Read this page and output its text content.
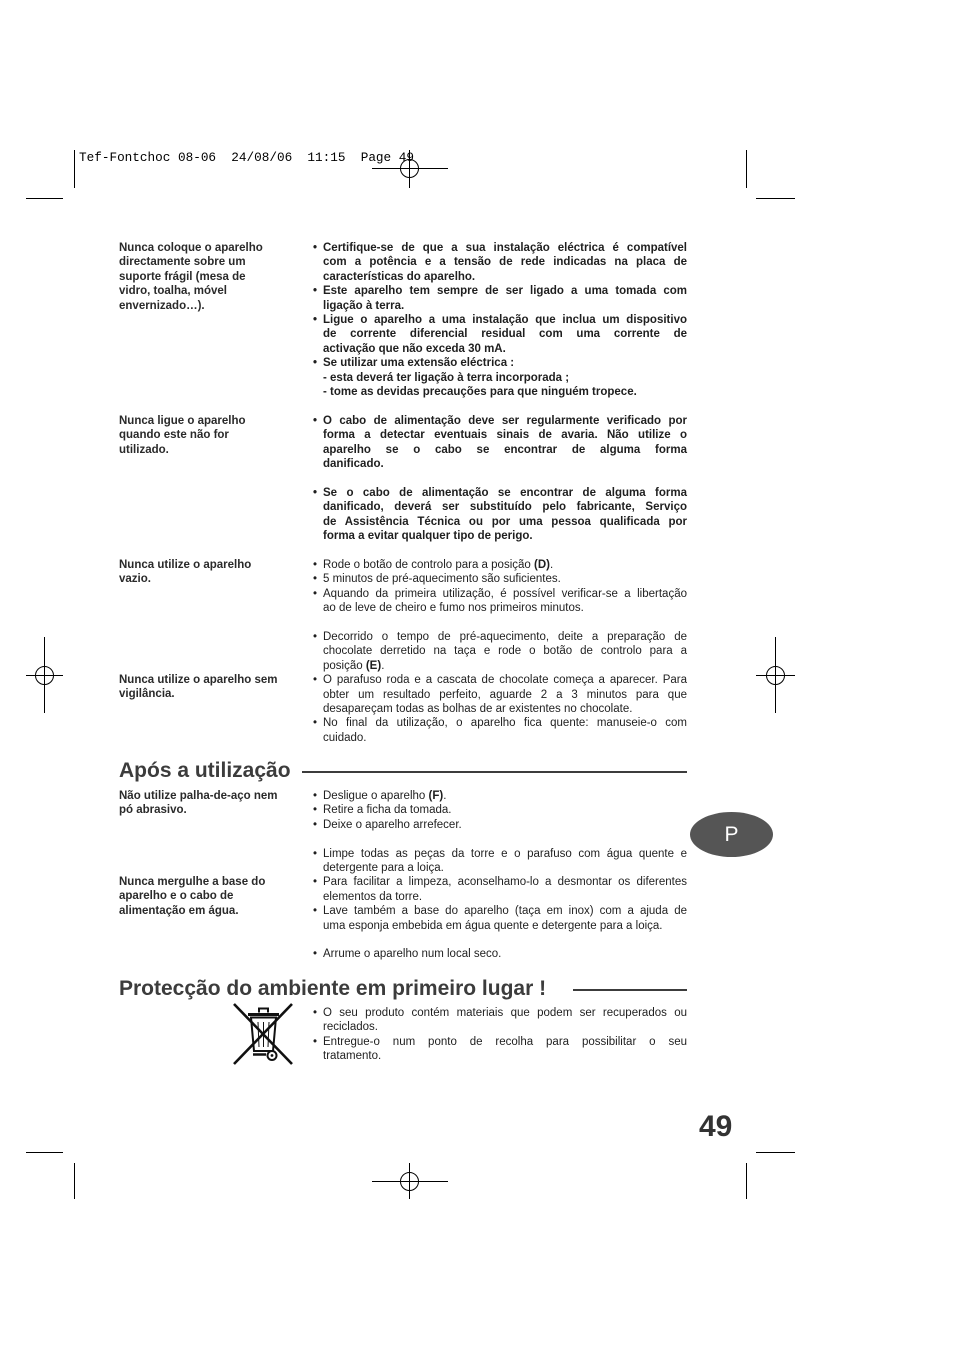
Tef-Fontchoc 08-06  24/08/06  11:15  Page 49
Nunca coloque o aparelho
directamente sobre um
suporte frágil (mesa de
vidro, toalha, móvel
envernizado…).
Nunca ligue o aparelho
quando este não for
utilizado.
Nunca utilize o aparelho
vazio.
Nunca utilize o aparelho sem
vigilância.
• Certifique-se de que a sua instalação eléctrica é compatível
com a potência e a tensão de rede indicadas na placa de
características do aparelho.
• Este aparelho tem sempre de ser ligado a uma tomada com
ligação à terra.
• Ligue o aparelho a uma instalação que inclua um dispositivo
de corrente diferencial residual com uma corrente de
activação que não exceda 30 mA.
• Se utilizar uma extensão eléctrica :
- esta deverá ter ligação à terra incorporada ;
- tome as devidas precauções para que ninguém tropece.
• O cabo de alimentação deve ser regularmente verificado por
forma a detectar eventuais sinais de avaria. Não utilize o
aparelho se o cabo se encontrar de alguma forma
danificado.
• Se o cabo de alimentação se encontrar de alguma forma
danificado, deverá ser substituído pelo fabricante, Serviço
de Assistência Técnica ou por uma pessoa qualificada por
forma a evitar qualquer tipo de perigo.
• Rode o botão de controlo para a posição (D).
• 5 minutos de pré-aquecimento são suficientes.
• Aquando da primeira utilização, é possível verificar-se a libertação
ao de leve de cheiro e fumo nos primeiros minutos.
• Decorrido o tempo de pré-aquecimento, deite a preparação de
chocolate derretido na taça e rode o botão de controlo para a
posição (E).
• O parafuso roda e a cascata de chocolate começa a aparecer. Para
obter um resultado perfeito, aguarde 2 a 3 minutos para que
desapareçam todas as bolhas de ar existentes no chocolate.
• No final da utilização, o aparelho fica quente: manuseie-o com
cuidado.
Após a utilização
Não utilize palha-de-aço nem
pó abrasivo.
Nunca mergulhe a base do
aparelho e o cabo de
alimentação em água.
• Desligue o aparelho (F).
• Retire a ficha da tomada.
• Deixe o aparelho arrefecer.
• Limpe todas as peças da torre e o parafuso com água quente e
detergente para a loiça.
• Para facilitar a limpeza, aconselhamo-lo a desmontar os diferentes
elementos da torre.
• Lave também a base do aparelho (taça em inox) com a ajuda de
uma esponja embebida em água quente e detergente para a loiça.
• Arrume o aparelho num local seco.
P
Protecção do ambiente em primeiro lugar !
• O seu produto contém materiais que podem ser recuperados ou
reciclados.
• Entregue-o num ponto de recolha para possibilitar o seu
tratamento.
49
